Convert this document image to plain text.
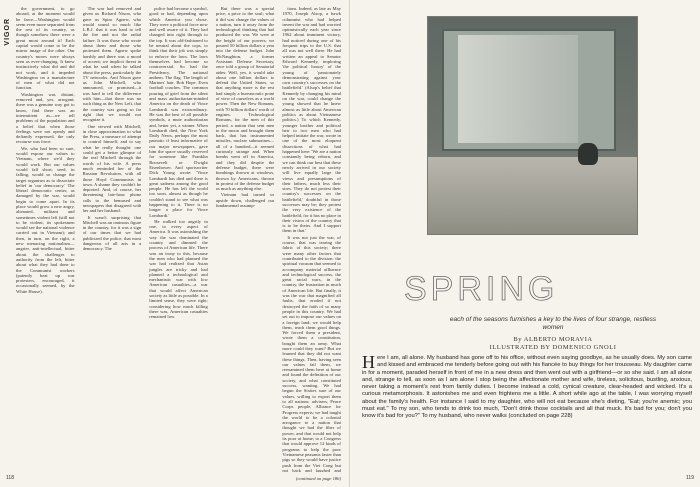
VIGOR

the government, to go aboard, at the moment would be farce—Washington would seem even more separated from the rest of its country, as though somehow there were a great moat around it! Each capital would come to be the mirror image of the other. Our country's mores were always seen as ever-changing. It knew instinctively what did and did not work, and it impeded Washington on a manufacture of men of what did not function.

Washington was distant, removed and, yes, arrogant; there was a genuine way got to know, find there was an intermittent as—we tell problems of the population and a belief that when those feelings were not openly and defiantly expressed, the only recourse was force.

We, who had been so sure, would expose our values to Vietnam, where we'd they would work. But our values would fall short; seed, in falling, would so change the target organism as to dissociate belief in 'our democracy.' The liberal democratic center, as damaged by the war, would begin to come apart. In its place would grow a new angry, alienated, militant and sometimes violent left (still not to be violent, its spokesmen would see the national violence carried out in Vietnam); and then, in turn, on the right, a new menacing nationalism—angrier, anti-intellectual, bitter about the challenges to authority from the left, bitter about what they had done to the Communist workers (patently beat up war protesters, encouraged, it occasionally seemed, by the White House).

The war had removed and given us Richard Nixon, who gave us Spiro Agnew, who would sound so much like L.B.J. that it was hard to tell the fire and not the radial failure. It was those who wrote about them and those who protested them. Agnew spoke harshly and there was a mood of accent; we implicit threat in what he said when he talked about the press, particularly the TV networks. And Nixon gave us John Mitchell, who announced, or promised—it was hard to tell the difference with him—that there was no such thing as the New Left, that the country was going so far right that we would not recognize it.

One viewed with Mitchell, in close approximation to what the Press, a measure of attempt to control himself, and to say what he really thought: one could get a better glimpse of the real Mitchell through the words of his wife. A press much reminded her of the Russian Revolution, with all those Hoyd Communists in town. A shame they couldn't be deported. And, of course, her threatening late-hour phone calls to the bemused and newspapers that disagreed with her and her husband.

It wasn't surprising that Mitchell was an ominous figure in the country, for it was a sign of our times that we had publicized the police, that most dangerous of all arts in a democracy. The

police had become a symbol, good or bad, depending upon which America you chose. They were a political force now and well aware of it. They had changed into right through to the top. It was old-fashioned to be neutral about the cops, to think that their job was simply to enforce the laws. The laws themselves had become so controversial. So had the Presidency. The national anthem. The flag. The length of Marines' hair. Bob Hope. Even football coaches. The common pouring of grief from the silent and mass authoritarian-minded America on the death of Vince Lombardi was extraordinary. He was the best of all possible symbols, a mute authoritarian and, better yet, a winner. When Lombardi died, the New York Daily News, perhaps the most patriotic if least informative of our major newspapers, gave him the space usually reserved for someone like Franklin Roosevelt or Dwight Eisenhower. And sportswriter Dick Young wrote: 'Vince Lombardi has died and there is great sadness among the good people. He has left the world too soon, almost as though he couldn't stand to see what was happening to it. There is no longer a place for Vince Lombardi.'

He walked too angrily in one, to every aspect of America. It was astonishing the way the war dominated the country and dimmed the process of American life. There was an irony to this, because the men who had planned the war had realized that Asian jungles are tricky and had planned a technological and mechanistic war with low American casualties—a war that would affect American society as little as possible. In a limited sense, they were right; considering how much killing there was, American casualties remained low.

But there was a special price, a price to the soul; what it did was change the values of a nation, turn it away from the technological thinking that had produced the war. We were at the height of our powers; we poured 50 billion dollars a year into the defense budget. John McNaughton, a former Assistant Defense Secretary, once told a group of Senatorial aides: Well, yes, it would take about one billion dollars to defend the United States, so that anything more is the rest had simply a bureaucratic point of view of ourselves as a world power. Then the New Romans, with 70 billion dollars' worth of engines. Technological Romans, for the men of this period, a nation that sent men to the moon and brought them back, that has instrumented missiles, nuclear submarines—all of a hundred—it seemed curiously strange and. When bombs went off in America, and they did despite the defense budget, there were bombings thrown at windows, thrown by Americans, thrown in protest of the defense budget as much as anything else.

Vietnam had turned us upside down, challenged our fundamental assump-

tions. Indeed, as late as May 1970, Joseph Alsop, a hawk columnist who had helped invent the war and had worried optimistically each year since 1962 about imminent victory, had noticed during one of his frequent trips to the U.S. that all was not well there. He had written an appeal to Senator Edward Kennedy, imploring 'the political luxury' of the young of 'passionately demonstrating against your own country's successes on the battlefield.' (Alsop's belief that Kennedy by changing his mind on the war, could change the young showed that he knew almost as little about American politics as about Vietnamese politics.) To which Kennedy, younger brother and political heir to two men who had helped initiate the war, wrote in one of the most eloquent dissections of what had happened here: 'We are a nation constantly being reborn, and we can think our best that these newly arrived in our society will live equally large the views and presumptions of their fathers, much less their sires. They do not protest their country's successes on the battlefield,' doubtful in those successes may be; they protest the very existence of the battlefield, for it has no place in their vision of the country that is to be theirs. And I support them in that.'

It was not just the war, of course, that was tearing the fabric of this society; there were many other factors that contributed to the division: the spiritual vacuum that seemed to accompany material affluence and technological success, the great racial wars, in the country, the frustration in much of American life. But finally, it was the war that magnified all faults, that eroded if not destroyed the faith of so many people in this country. We had set out to impose our values on a foreign land; we would help them, teach them good things. We forced them a president, wrote them a constitution, bought them an army. What more could they want? But we learned that they did not want these things. Then, having seen our values fail them, we reexamined them here at home and found the definition of our society, and what constituted success, wanting. We had begun the Sixties sure of our values, willing to export them to all nations: advisers, Peace Corps people, Alliance for Progress experts; we had taught the world to be a colonial arrogance to a nation that thought we had the fiber of power, and that would not help its poor at home; to a Congress that would approve 12 kinds of programs to help the poor Vietnamese peasants faster than pigs so they would have justice push from the Viet Cong but not back and laughed and

118	(continued on page 186)	119
SPRING
each of the seasons furnishes a key to the lives of four strange, restless women
By ALBERTO MORAVIA
ILLUSTRATED BY DOMENICO GNOLI
H ere I am, all alone. My husband has gone off to his office, without even saying goodbye, as he usually does. My son came and kissed and embraced me tenderly before going out with his fiancée to buy things for her trousseau. My daughter came in for a moment, paraded herself in front of me in a new dress and then went out with a girlfriend—or so she said. I am all alone and, strange to tell, as soon as I am alone I stop being the affectionate mother and wife, tireless, solicitous, bustling, anxious, never taking a moment's rest from family duties. I become instead a cold, cynical creature, clear-headed and wicked. It's a curious metamorphosis. It astonishes me and even frightens me a little. A short while ago at the table, I was worrying myself about the family's health. For instance I said to my daughter, who will not eat because she's dieting, "Eat; you're anemic; you must eat." To my son, who tends to drink too much, "Don't drink those cocktails and all that muck. It's bad for you; don't you know it's bad for you?" To my husband, who never walks (concluded on page 228)
